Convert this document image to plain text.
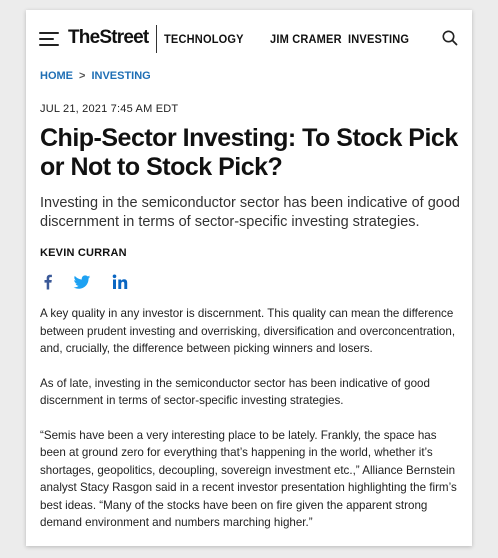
TheStreet TECHNOLOGY JIM CRAMER INVESTING
HOME > INVESTING
JUL 21, 2021 7:45 AM EDT
Chip-Sector Investing: To Stock Pick or Not to Stock Pick?
Investing in the semiconductor sector has been indicative of good discernment in terms of sector-specific investing strategies.
KEVIN CURRAN

A key quality in any investor is discernment. This quality can mean the difference between prudent investing and overrisking, diversification and overconcentration, and, crucially, the difference between picking winners and losers.

As of late, investing in the semiconductor sector has been indicative of good discernment in terms of sector-specific investing strategies.

“Semis have been a very interesting place to be lately. Frankly, the space has been at ground zero for everything that’s happening in the world, whether it’s shortages, geopolitics, decoupling, sovereign investment etc.,” Alliance Bernstein analyst Stacy Rasgon said in a recent investor presentation highlighting the firm’s best ideas. “Many of the stocks have been on fire given the apparent strong demand environment and numbers marching higher.”
